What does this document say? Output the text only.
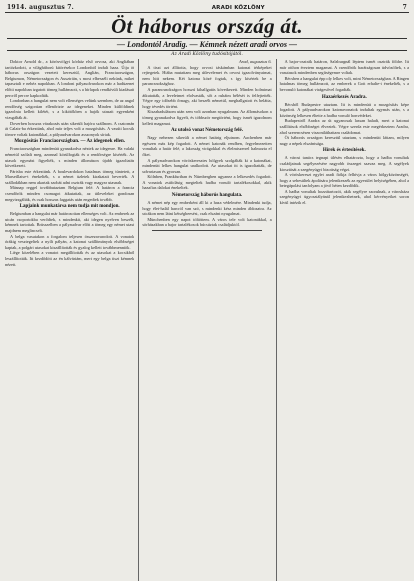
1914. augusztus 7.	ARADI KÖZLÖNY	7
Öt háborus ország át.
— Londontól Aradig. — Kémnek nézett aradi orvos —
Az Aradi Közlöny tudósitójától.

Doktor Arnold dr., a körösvölgyi kórház első orvosa, aki Angliában tartózkodott, a világháború kitörésekor Londonból indult haza. Útja öt háborus országon vezetett keresztül, Anglián, Franciaországon, Belgiumon, Németországon és Ausztrián, s most elbeszéli nekünk, miket tapasztalt e nehéz napokban. A londoni pályaudvarokon már a hadüzenet előtti napokban izgatott tömeg hullámzott, s a hírlapok rendkívüli kiadásait percről percre kapkodták.

Londonban a hangulat nem volt ellenséges velünk szemben, de az angol rendőrség szigorúan ellenőrizte az idegeneket. Minden külföldinek igazolnia kellett kilétét, s a kikötőkben a hajók utasait egyenként vizsgálták át.

Doverben hosszas várakozás után sikerült hajóra szállnom. A csatornán át Calais-ba érkeztünk, ahol már teljes volt a mozgósítás. A vasúti kocsik tömve voltak katonákkal, a pályaudvarokon asszonyok sírtak.

Mozgósítás Franciaországban. — Az idegenek ellen.

Franciaországban mindenütt gyanakodva néztek az idegenre. Ha valaki németül szólalt meg, azonnal körülfogták és a rendőrségre kísérték. Az utasok egymást figyelték, s minden állomáson újabb igazoltatás következett.

Párisba este érkeztünk. A boulevardokon hatalmas tömeg tüntetett, a Marseillaise-t énekelték, s a német üzletek kirakatait beverték. A szállodákban nem akartak szobát adni osztrák vagy magyar utasnak.

Másnap reggel továbbutaztam Belgium felé. A határon a francia csendőrök minden csomagot átkutattak, az útleveleket gondosan megvizsgálták, és csak hosszas faggatás után engedtek tovább.

Lapjaink munkatársa nem tudja mit mondjon.

Belgiumban a hangulat már határozottan ellenséges volt. Az emberek az utcán csoportokba verődtek, s mindenkit, aki idegen nyelven beszélt, kémnek tartottak. Brüsszelben a pályaudvar előtt a tömeg egy német utast majdnem meglincselt.

A belga vasutakon a forgalom teljesen összezavarodott. A vonatok órákig vesztegeltek a nyílt pályán, a katonai szállítmányok elsőbbséget kaptak, a polgári utasokat kiszállították és gyalog kellett továbbmenniök.

Liège közelében a vonatot megállították és az utasokat a kocsikból leszállították. Itt kezdődött az én kálváriám, mert egy belga tiszt kémnek nézett.

Arad, augusztus 6.

A tiszt azt állította, hogy orvosi táskámban katonai térképeket rejtegetek. Hiába mutattam meg útlevelemet és orvosi igazolványaimat, nem hitt nekem. Két katona közé fogtak, s így kísértek be a parancsnoksághoz.

A parancsnokságon hosszú kihallgatás következett. Minden holmimat átkutatták, a leveleimet elolvasták, sőt a ruháim bélését is felfejtették. Végre egy idősebb őrnagy, aki beszélt németül, meghallgatott és belátta, hogy tévedés történt.

Kiszabadulásom után sem volt azonban nyugalmam. Az állomásokon a tömeg gyanakodva figyelt, és többször megtörtént, hogy ismét igazolnom kellett magamat.

Az utolsó vonat Németország felé.

Nagy nehezen sikerült a német határig eljutnom. Aachenben már egészen más kép fogadott. A német katonák rendben, fegyelmezetten vonultak a határ felé, a lakosság virágokkal és élelmiszerrel halmozta el őket.

A pályaudvarokon vöröskeresztes hölgyek szolgálták ki a katonákat, mindenütt lelkes hangulat uralkodott. Az utasokat itt is igazoltatták, de udvariasan és gyorsan.

Kölnben, Frankfurtban és Nürnbergben ugyanez a lelkesedés fogadott. A vonatok zsúfolásig megteltek hadba vonuló tartalékosokkal, akik hazafias dalokat énekeltek.

Németország háborús hangulata.

A német nép egy emberként áll ki a haza védelmére. Mindenki tudja, hogy élet-halál harcról van szó, s mindenki kész minden áldozatra. Az utcákon nem látni kétségbeesést, csak elszánt nyugalmat.

Münchenben egy napot töltöttem. A város tele volt katonákkal, a sörházakban a bajor tartalékosok búcsúztak családjuktól.

A bajor-osztrák határon, Salzburgnál léptem ismét osztrák földre. Itt már otthon éreztem magamat. A csendőrök barátságosan üdvözöltek, s a vasutasok mindenben segítségemre voltak.

Bécsben a hangulat épp oly lelkes volt, mint Németországban. A Ringen hatalmas tömeg hullámzott, az emberek a Gott erhalte-t énekelték, s a bevonuló katonákat virágesővel fogadták.

Hazaérkezés Aradra.

Bécsből Budapestre utaztam. Itt is mindenütt a mozgósítás képe fogadott. A pályaudvarokon katonavonatok indultak egymás után, s a közönség lelkesen éltette a hadba vonuló honvédeket.

Budapestről Aradra az út ugyancsak lassan haladt, mert a katonai szállítások elsőbbséget élveztek. Végre szerda este megérkeztem Aradra, ahol szerencsésen viszontláthattam családomat.

Öt háborús országon keresztül utaztam, s mindenütt láttam, milyen nagy a népek elszántsága.

Hírek és értesítések.

A városi tanács tegnapi ülésén elhatározta, hogy a hadba vonultak családjainak segélyezésére nagyobb összeget szavaz meg. A segélyek kiosztását a szegényügyi bizottság végzi.

A vöröskereszt egylet aradi fiókja felhívja a város hölgyközönségét, hogy a sebesültek ápolására jelentkezzék az egyesület helyiségében, ahol a betegápolási tanfolyam a jövő héten kezdődik.

A hadba vonultak hozzátartozói, akik segélyre szorulnak, a városháza szegényügyi ügyosztályánál jelentkezhetnek, ahol kérvényeiket soron kívül intézik el.
